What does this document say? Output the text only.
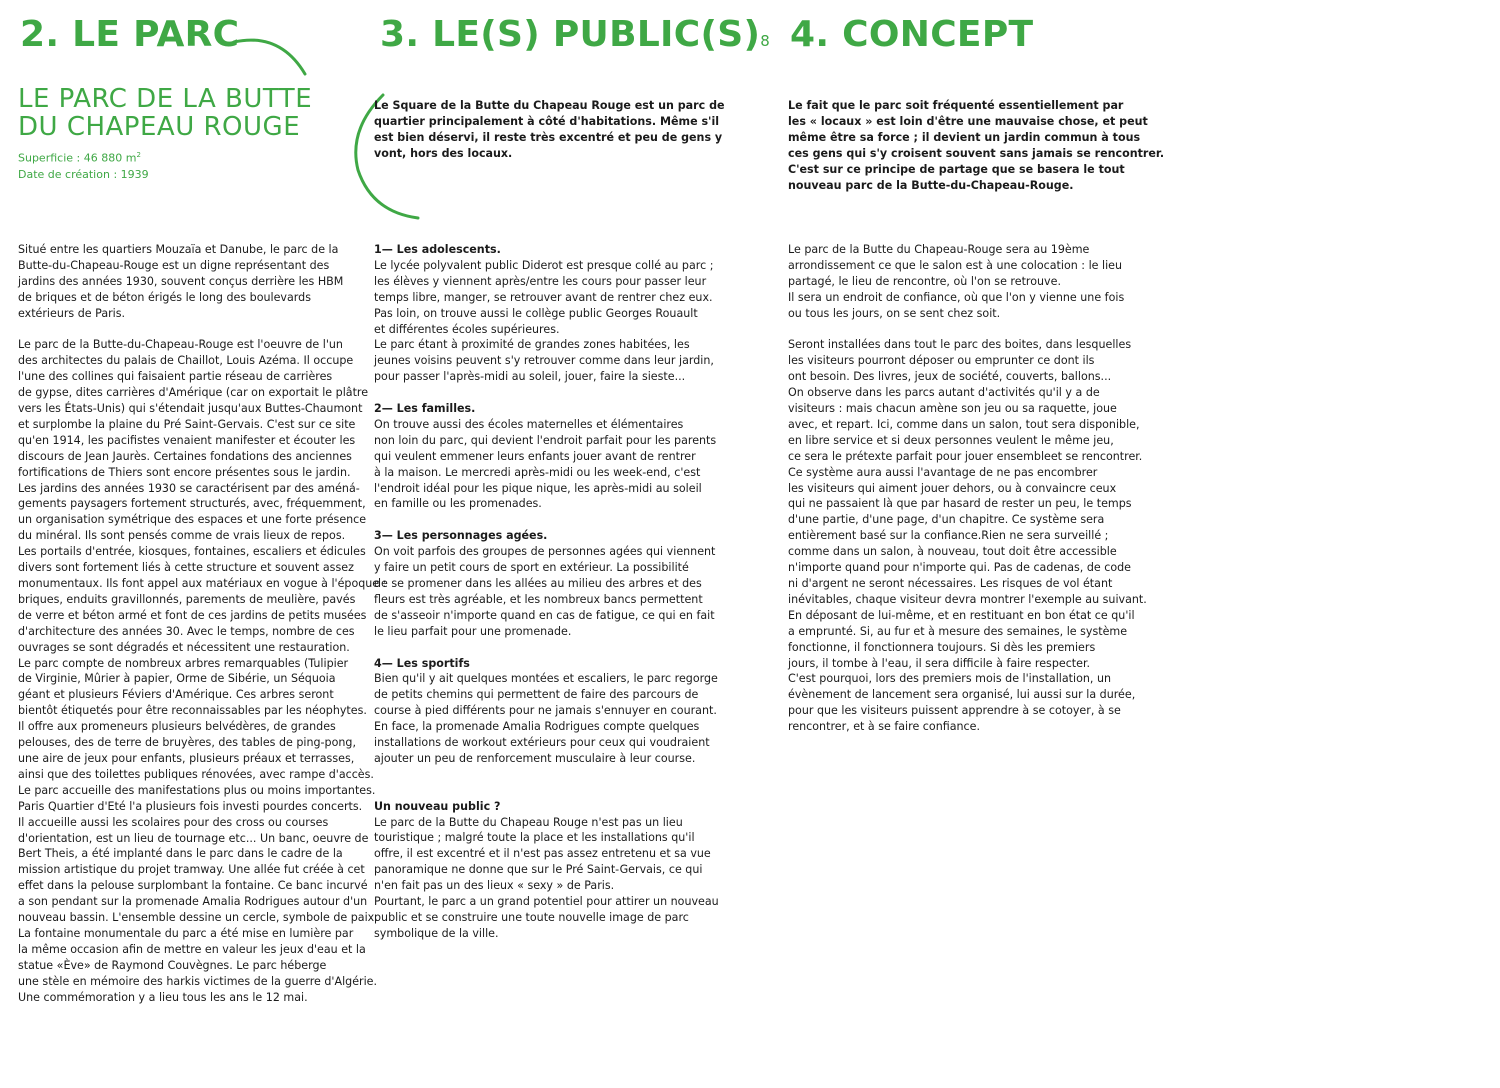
2. LE PARC
LE PARC DE LA BUTTE
DU CHAPEAU ROUGE
Superficie : 46 880 $m^2$
Date de création : 1939
Situé entre les quartiers Mouzaïa et Danube, le parc de la
Butte-du-Chapeau-Rouge est un digne représentant des
jardins des années 1930, souvent conçus derrière les HBM
de briques et de béton érigés le long des boulevards
extérieurs de Paris.
Le parc de la Butte-du-Chapeau-Rouge est l'oeuvre de l'un
des architectes du palais de Chaillot, Louis Azéma. Il occupe
l'une des collines qui faisaient partie réseau de carrières
de gypse, dites carrières d'Amérique (car on exportait le plâtre
vers les États-Unis) qui s'étendait jusqu'aux Buttes-Chaumont
et surplombe la plaine du Pré Saint-Gervais. C'est sur ce site
qu'en 1914, les pacifistes venaient manifester et écouter les
discours de Jean Jaurès. Certaines fondations des anciennes
fortifications de Thiers sont encore présentes sous le jardin.
Les jardins des années 1930 se caractérisent par des améná-
gements paysagers fortement structurés, avec, fréquemment,
un organisation symétrique des espaces et une forte présence
du minéral. Ils sont pensés comme de vrais lieux de repos.
Les portails d'entrée, kiosques, fontaines, escaliers et édicules
divers sont fortement liés à cette structure et souvent assez
monumentaux. Ils font appel aux matériaux en vogue à l'époque :
briques, enduits gravillonnés, parements de meulière, pavés
de verre et béton armé et font de ces jardins de petits musées
d'architecture des années 30. Avec le temps, nombre de ces
ouvrages se sont dégradés et nécessitent une restauration.
Le parc compte de nombreux arbres remarquables (Tulipier
de Virginie, Mûrier à papier, Orme de Sibérie, un Séquoia
géant et plusieurs Féviers d'Amérique. Ces arbres seront
bientôt étiquetés pour être reconnaissables par les néophytes.
Il offre aux promeneurs plusieurs belvédères, de grandes
pelouses, des de terre de bruyères, des tables de ping-pong,
une aire de jeux pour enfants, plusieurs préaux et terrasses,
ainsi que des toilettes publiques rénovées, avec rampe d'accès.
Le parc accueille des manifestations plus ou moins importantes.
Paris Quartier d'Eté l'a plusieurs fois investi pourdes concerts.
Il accueille aussi les scolaires pour des cross ou courses
d'orientation, est un lieu de tournage etc... Un banc, oeuvre de
Bert Theis, a été implanté dans le parc dans le cadre de la
mission artistique du projet tramway. Une allée fut créée à cet
effet dans la pelouse surplombant la fontaine. Ce banc incurvé
a son pendant sur la promenade Amalia Rodrigues autour d'un
nouveau bassin. L'ensemble dessine un cercle, symbole de paix.
La fontaine monumentale du parc a été mise en lumière par
la même occasion afin de mettre en valeur les jeux d'eau et la
statue «Ève» de Raymond Couvègnes. Le parc héberge
une stèle en mémoire des harkis victimes de la guerre d'Algérie.
Une commémoration y a lieu tous les ans le 12 mai.
3. LE(S) PUBLIC(S)8
Le Square de la Butte du Chapeau Rouge est un parc de
quartier principalement à côté d'habitations. Même s'il
est bien déservi, il reste très excentré et peu de gens y
vont, hors des locaux.
1— Les adolescents.
Le lycée polyvalent public Diderot est presque collé au parc ;
les élèves y viennent après/entre les cours pour passer leur
temps libre, manger, se retrouver avant de rentrer chez eux.
Pas loin, on trouve aussi le collège public Georges Rouault
et différentes écoles supérieures.
Le parc étant à proximité de grandes zones habitées, les
jeunes voisins peuvent s'y retrouver comme dans leur jardin,
pour passer l'après-midi au soleil, jouer, faire la sieste...
2— Les familles.
On trouve aussi des écoles maternelles et élémentaires
non loin du parc, qui devient l'endroit parfait pour les parents
qui veulent emmener leurs enfants jouer avant de rentrer
à la maison. Le mercredi après-midi ou les week-end, c'est
l'endroit idéal pour les pique nique, les après-midi au soleil
en famille ou les promenades.
3— Les personnages agées.
On voit parfois des groupes de personnes agées qui viennent
y faire un petit cours de sport en extérieur. La possibilité
de se promener dans les allées au milieu des arbres et des
fleurs est très agréable, et les nombreux bancs permettent
de s'asseoir n'importe quand en cas de fatigue, ce qui en fait
le lieu parfait pour une promenade.
4— Les sportifs
Bien qu'il y ait quelques montées et escaliers, le parc regorge
de petits chemins qui permettent de faire des parcours de
course à pied différents pour ne jamais s'ennuyer en courant.
En face, la promenade Amalia Rodrigues compte quelques
installations de workout extérieurs pour ceux qui voudraient
ajouter un peu de renforcement musculaire à leur course.
Un nouveau public ?
Le parc de la Butte du Chapeau Rouge n'est pas un lieu
touristique ; malgré toute la place et les installations qu'il
offre, il est excentré et il n'est pas assez entretenu et sa vue
panoramique ne donne que sur le Pré Saint-Gervais, ce qui
n'en fait pas un des lieux « sexy » de Paris.
Pourtant, le parc a un grand potentiel pour attirer un nouveau
public et se construire une toute nouvelle image de parc
symbolique de la ville.
4. CONCEPT
Le fait que le parc soit fréquenté essentiellement par
les « locaux » est loin d'être une mauvaise chose, et peut
même être sa force ; il devient un jardin commun à tous
ces gens qui s'y croisent souvent sans jamais se rencontrer.
C'est sur ce principe de partage que se basera le tout
nouveau parc de la Butte-du-Chapeau-Rouge.
Le parc de la Butte du Chapeau-Rouge sera au 19ème
arrondissement ce que le salon est à une colocation : le lieu
partagé, le lieu de rencontre, où l'on se retrouve.
Il sera un endroit de confiance, où que l'on y vienne une fois
ou tous les jours, on se sent chez soit.
Seront installées dans tout le parc des boites, dans lesquelles
les visiteurs pourront déposer ou emprunter ce dont ils
ont besoin. Des livres, jeux de société, couverts, ballons...
On observe dans les parcs autant d'activités qu'il y a de
visiteurs : mais chacun amène son jeu ou sa raquette, joue
avec, et repart. Ici, comme dans un salon, tout sera disponible,
en libre service et si deux personnes veulent le même jeu,
ce sera le prétexte parfait pour jouer ensembleet se rencontrer.
Ce système aura aussi l'avantage de ne pas encombrer
les visiteurs qui aiment jouer dehors, ou à convaincre ceux
qui ne passaient là que par hasard de rester un peu, le temps
d'une partie, d'une page, d'un chapitre. Ce système sera
entièrement basé sur la confiance.Rien ne sera surveillé ;
comme dans un salon, à nouveau, tout doit être accessible
n'importe quand pour n'importe qui. Pas de cadenas, de code
ni d'argent ne seront nécessaires. Les risques de vol étant
inévitables, chaque visiteur devra montrer l'exemple au suivant.
En déposant de lui-même, et en restituant en bon état ce qu'il
a emprunté. Si, au fur et à mesure des semaines, le système
fonctionne, il fonctionnera toujours. Si dès les premiers
jours, il tombe à l'eau, il sera difficile à faire respecter.
C'est pourquoi, lors des premiers mois de l'installation, un
évènement de lancement sera organisé, lui aussi sur la durée,
pour que les visiteurs puissent apprendre à se cotoyer, à se
rencontrer, et à se faire confiance.
